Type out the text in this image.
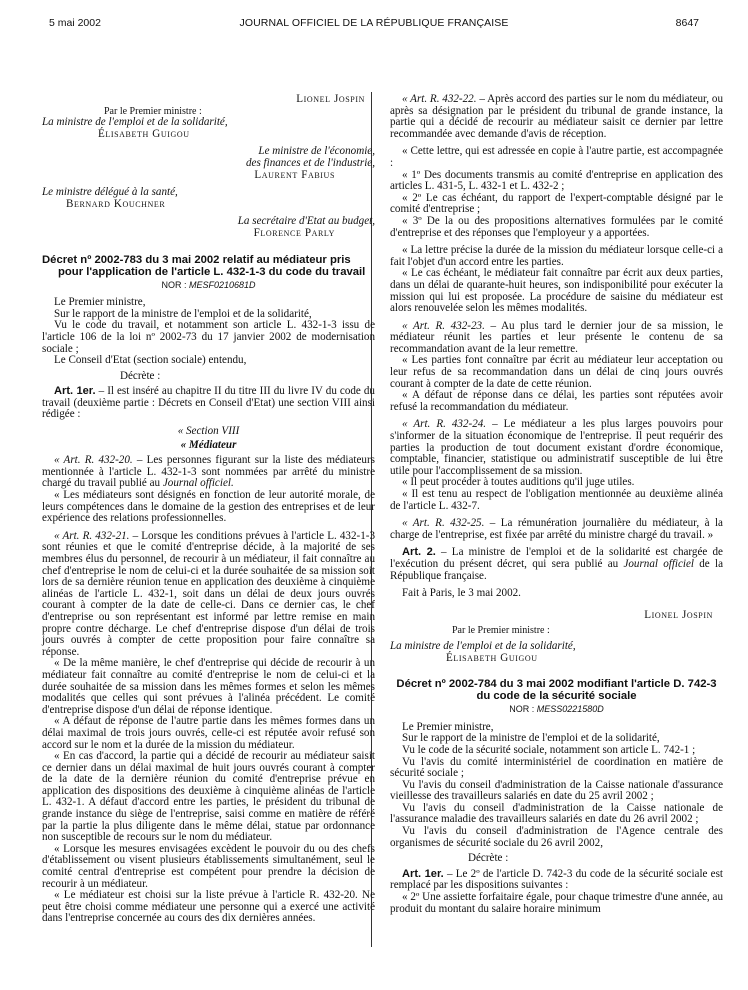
5 mai 2002	JOURNAL OFFICIEL DE LA RÉPUBLIQUE FRANÇAISE	8647

Lionel Jospin

Par le Premier ministre :

La ministre de l'emploi et de la solidarité,

Élisabeth Guigou

Le ministre de l'économie,

des finances et de l'industrie,

Laurent Fabius

Le ministre délégué à la santé,

Bernard Kouchner

La secrétaire d'Etat au budget,

Florence Parly

Décret nº 2002-783 du 3 mai 2002 relatif au médiateur pris pour l'application de l'article L. 432-1-3 du code du travail

NOR : MESF0210681D

Le Premier ministre,

Sur le rapport de la ministre de l'emploi et de la solidarité,

Vu le code du travail, et notamment son article L. 432-1-3 issu de l'article 106 de la loi nº 2002-73 du 17 janvier 2002 de modernisation sociale ;

Le Conseil d'Etat (section sociale) entendu,

Décrète :

Art. 1er. – Il est inséré au chapitre II du titre III du livre IV du code du travail (deuxième partie : Décrets en Conseil d'Etat) une section VIII ainsi rédigée :

« Section VIII

« Médiateur

« Art. R. 432-20. – Les personnes figurant sur la liste des médiateurs mentionnée à l'article L. 432-1-3 sont nommées par arrêté du ministre chargé du travail publié au Journal officiel.

« Les médiateurs sont désignés en fonction de leur autorité morale, de leurs compétences dans le domaine de la gestion des entreprises et de leur expérience des relations professionnelles.

« Art. R. 432-21. – Lorsque les conditions prévues à l'article L. 432-1-3 sont réunies et que le comité d'entreprise décide, à la majorité de ses membres élus du personnel, de recourir à un médiateur, il fait connaître au chef d'entreprise le nom de celui-ci et la durée souhaitée de sa mission soit lors de sa dernière réunion tenue en application des deuxième à cinquième alinéas de l'article L. 432-1, soit dans un délai de deux jours ouvrés courant à compter de la date de celle-ci. Dans ce dernier cas, le chef d'entreprise ou son représentant est informé par lettre remise en main propre contre décharge. Le chef d'entreprise dispose d'un délai de trois jours ouvrés à compter de cette proposition pour faire connaître sa réponse.

« De la même manière, le chef d'entreprise qui décide de recourir à un médiateur fait connaître au comité d'entreprise le nom de celui-ci et la durée souhaitée de sa mission dans les mêmes formes et selon les mêmes modalités que celles qui sont prévues à l'alinéa précédent. Le comité d'entreprise dispose d'un délai de réponse identique.

« A défaut de réponse de l'autre partie dans les mêmes formes dans un délai maximal de trois jours ouvrés, celle-ci est réputée avoir refusé son accord sur le nom et la durée de la mission du médiateur.

« En cas d'accord, la partie qui a décidé de recourir au médiateur saisit ce dernier dans un délai maximal de huit jours ouvrés courant à compter de la date de la dernière réunion du comité d'entreprise prévue en application des dispositions des deuxième à cinquième alinéas de l'article L. 432-1. A défaut d'accord entre les parties, le président du tribunal de grande instance du siège de l'entreprise, saisi comme en matière de référé par la partie la plus diligente dans le même délai, statue par ordonnance non susceptible de recours sur le nom du médiateur.

« Lorsque les mesures envisagées excèdent le pouvoir du ou des chefs d'établissement ou visent plusieurs établissements simultanément, seul le comité central d'entreprise est compétent pour prendre la décision de recourir à un médiateur.

« Le médiateur est choisi sur la liste prévue à l'article R. 432-20. Ne peut être choisi comme médiateur une personne qui a exercé une activité dans l'entreprise concernée au cours des dix dernières années.

« Art. R. 432-22. – Après accord des parties sur le nom du médiateur, ou après sa désignation par le président du tribunal de grande instance, la partie qui a décidé de recourir au médiateur saisit ce dernier par lettre recommandée avec demande d'avis de réception.

« Cette lettre, qui est adressée en copie à l'autre partie, est accompagnée :

« 1º Des documents transmis au comité d'entreprise en application des articles L. 431-5, L. 432-1 et L. 432-2 ;

« 2º Le cas échéant, du rapport de l'expert-comptable désigné par le comité d'entreprise ;

« 3º De la ou des propositions alternatives formulées par le comité d'entreprise et des réponses que l'employeur y a apportées.

« La lettre précise la durée de la mission du médiateur lorsque celle-ci a fait l'objet d'un accord entre les parties.

« Le cas échéant, le médiateur fait connaître par écrit aux deux parties, dans un délai de quarante-huit heures, son indisponibilité pour exécuter la mission qui lui est proposée. La procédure de saisine du médiateur est alors renouvelée selon les mêmes modalités.

« Art. R. 432-23. – Au plus tard le dernier jour de sa mission, le médiateur réunit les parties et leur présente le contenu de sa recommandation avant de la leur remettre.

« Les parties font connaître par écrit au médiateur leur acceptation ou leur refus de sa recommandation dans un délai de cinq jours ouvrés courant à compter de la date de cette réunion.

« A défaut de réponse dans ce délai, les parties sont réputées avoir refusé la recommandation du médiateur.

« Art. R. 432-24. – Le médiateur a les plus larges pouvoirs pour s'informer de la situation économique de l'entreprise. Il peut requérir des parties la production de tout document existant d'ordre économique, comptable, financier, statistique ou administratif susceptible de lui être utile pour l'accomplissement de sa mission.

« Il peut procéder à toutes auditions qu'il juge utiles.

« Il est tenu au respect de l'obligation mentionnée au deuxième alinéa de l'article L. 432-7.

« Art. R. 432-25. – La rémunération journalière du médiateur, à la charge de l'entreprise, est fixée par arrêté du ministre chargé du travail. »

Art. 2. – La ministre de l'emploi et de la solidarité est chargée de l'exécution du présent décret, qui sera publié au Journal officiel de la République française.

Fait à Paris, le 3 mai 2002.

Lionel Jospin

Par le Premier ministre :

La ministre de l'emploi et de la solidarité,

Élisabeth Guigou

Décret nº 2002-784 du 3 mai 2002 modifiant l'article D. 742-3 du code de la sécurité sociale

NOR : MESS0221580D

Le Premier ministre,

Sur le rapport de la ministre de l'emploi et de la solidarité,

Vu le code de la sécurité sociale, notamment son article L. 742-1 ;

Vu l'avis du comité interministériel de coordination en matière de sécurité sociale ;

Vu l'avis du conseil d'administration de la Caisse nationale d'assurance vieillesse des travailleurs salariés en date du 25 avril 2002 ;

Vu l'avis du conseil d'administration de la Caisse nationale de l'assurance maladie des travailleurs salariés en date du 26 avril 2002 ;

Vu l'avis du conseil d'administration de l'Agence centrale des organismes de sécurité sociale du 26 avril 2002,

Décrète :

Art. 1er. – Le 2º de l'article D. 742-3 du code de la sécurité sociale est remplacé par les dispositions suivantes :

« 2º Une assiette forfaitaire égale, pour chaque trimestre d'une année, au produit du montant du salaire horaire minimum
